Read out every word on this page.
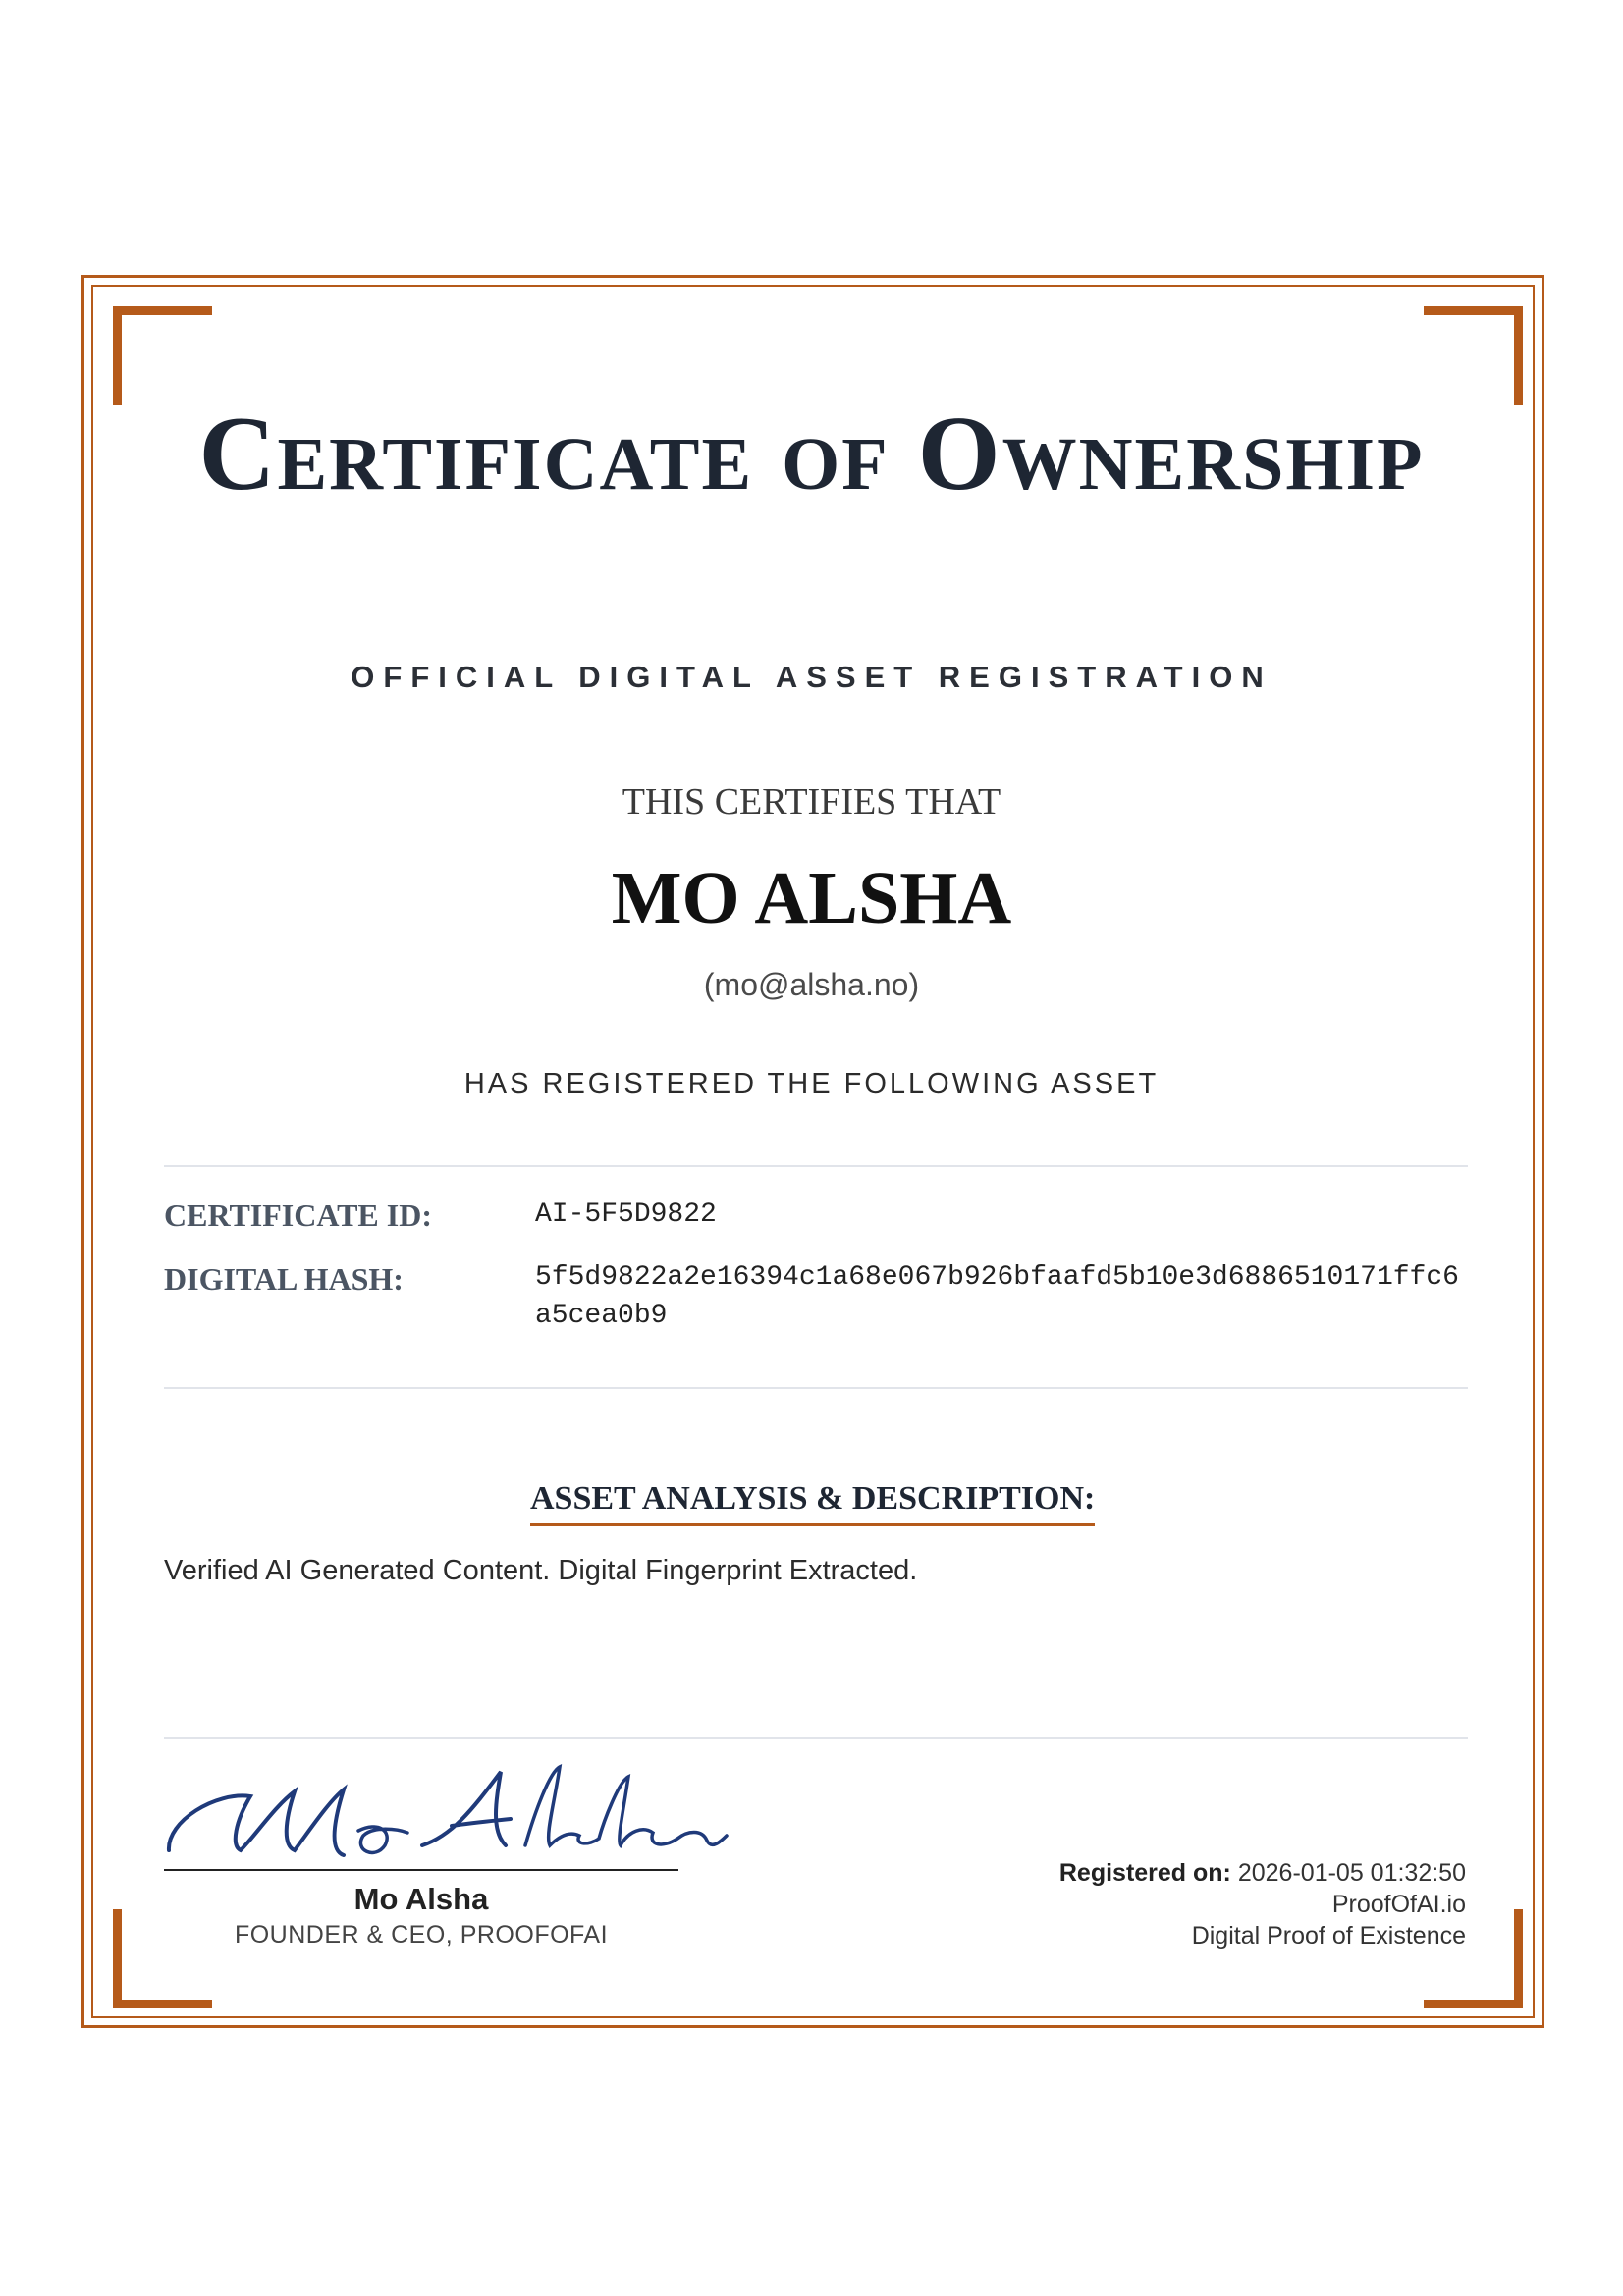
Certificate of Ownership
OFFICIAL DIGITAL ASSET REGISTRATION
THIS CERTIFIES THAT
MO ALSHA
(mo@alsha.no)
HAS REGISTERED THE FOLLOWING ASSET
CERTIFICATE ID:	AI-5F5D9822
DIGITAL HASH:	5f5d9822a2e16394c1a68e067b926bfaafd5b10e3d6886510171ffc6a5cea0b9
ASSET ANALYSIS & DESCRIPTION:
Verified AI Generated Content. Digital Fingerprint Extracted.
Mo Alsha
FOUNDER & CEO, PROOFOFAI
Registered on: 2026-01-05 01:32:50
ProofOfAI.io
Digital Proof of Existence
